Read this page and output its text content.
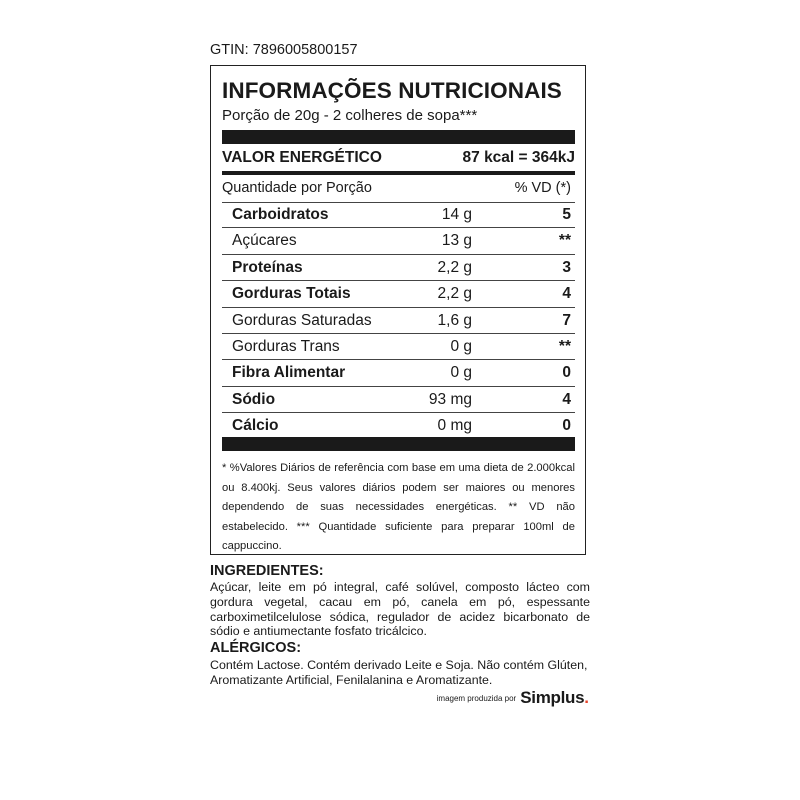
GTIN: 7896005800157
INFORMAÇÕES NUTRICIONAIS
Porção de 20g - 2 colheres de sopa***
VALOR ENERGÉTICO	87 kcal = 364kJ
Quantidade por Porção	% VD (*)
Carboidratos	14 g	5
Açúcares	13 g	**
Proteínas	2,2 g	3
Gorduras Totais	2,2 g	4
Gorduras Saturadas	1,6 g	7
Gorduras Trans	0 g	**
Fibra Alimentar	0 g	0
Sódio	93 mg	4
Cálcio	0 mg	0
* %Valores Diários de referência com base em uma dieta de 2.000kcal ou 8.400kj. Seus valores diários podem ser maiores ou menores dependendo de suas necessidades energéticas. ** VD não estabelecido. *** Quantidade suficiente para preparar 100ml de cappuccino.
INGREDIENTES:
Açúcar, leite em pó integral, café solúvel, composto lácteo com gordura vegetal, cacau em pó, canela em pó, espessante carboximetilcelulose sódica, regulador de acidez bicarbonato de sódio e antiumectante fosfato tricálcico.
ALÉRGICOS:
Contém Lactose. Contém derivado Leite e Soja. Não contém Glúten, Aromatizante Artificial, Fenilalanina e Aromatizante.
imagem produzida por Simplus.
